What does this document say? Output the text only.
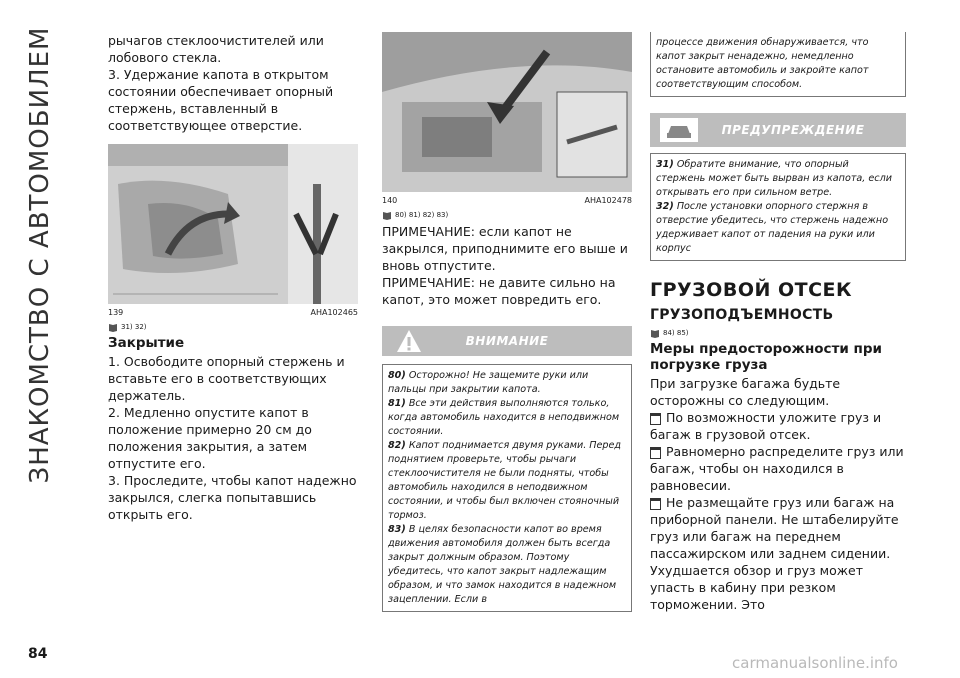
ЗНАКОМСТВО С АВТОМОБИЛЕМ	рычагов стеклоочистителей или лобового стекла.

3. Удержание капота в открытом состоянии обеспечивает опорный стержень, вставленный в соответствующее отверстие.

139	AHA102465
31) 32)
Закрытие

1. Освободите опорный стержень и вставьте его в соответствующих держатель.

2. Медленно опустите капот в положение примерно 20 см до положения закрытия, а затем отпустите его.

3. Проследите, чтобы капот надежно закрылся, слегка попытавшись открыть его.

140	AHA102478
80) 81) 82) 83)

ПРИМЕЧАНИЕ: если капот не закрылся, приподнимите его выше и вновь отпустите.

ПРИМЕЧАНИЕ: не давите сильно на капот, это может повредить его.

ВНИМАНИЕ

80) Осторожно! Не защемите руки или пальцы при закрытии капота.

81) Все эти действия выполняются только, когда автомобиль находится в неподвижном состоянии.

82) Капот поднимается двумя руками. Перед поднятием проверьте, чтобы рычаги стеклоочистителя не были подняты, чтобы автомобиль находился в неподвижном состоянии, и чтобы был включен стояночный тормоз.

83) В целях безопасности капот во время движения автомобиля должен быть всегда закрыт должным образом. Поэтому убедитесь, что капот закрыт надлежащим образом, и что замок находится в надежном зацеплении. Если в

процессе движения обнаруживается, что капот закрыт ненадежно, немедленно остановите автомобиль и закройте капот соответствующим способом.

ПРЕДУПРЕЖДЕНИЕ

31) Обратите внимание, что опорный стержень может быть вырван из капота, если открывать его при сильном ветре.

32) После установки опорного стержня в отверстие убедитесь, что стержень надежно удерживает капот от падения на руки или корпус

ГРУЗОВОЙ ОТСЕК

ГРУЗОПОДЪЕМНОСТЬ

84) 85)
Меры предосторожности при погрузке груза

При загрузке багажа будьте осторожны со следующим.

По возможности уложите груз и багаж в грузовой отсек.

Равномерно распределите груз или багаж, чтобы он находился в равновесии.

Не размещайте груз или багаж на приборной панели. Не штабелируйте груз или багаж на переднем пассажирском или заднем сидении.

Ухудшается обзор и груз может упасть в кабину при резком торможении. Это

84	carmanualsonline.info
